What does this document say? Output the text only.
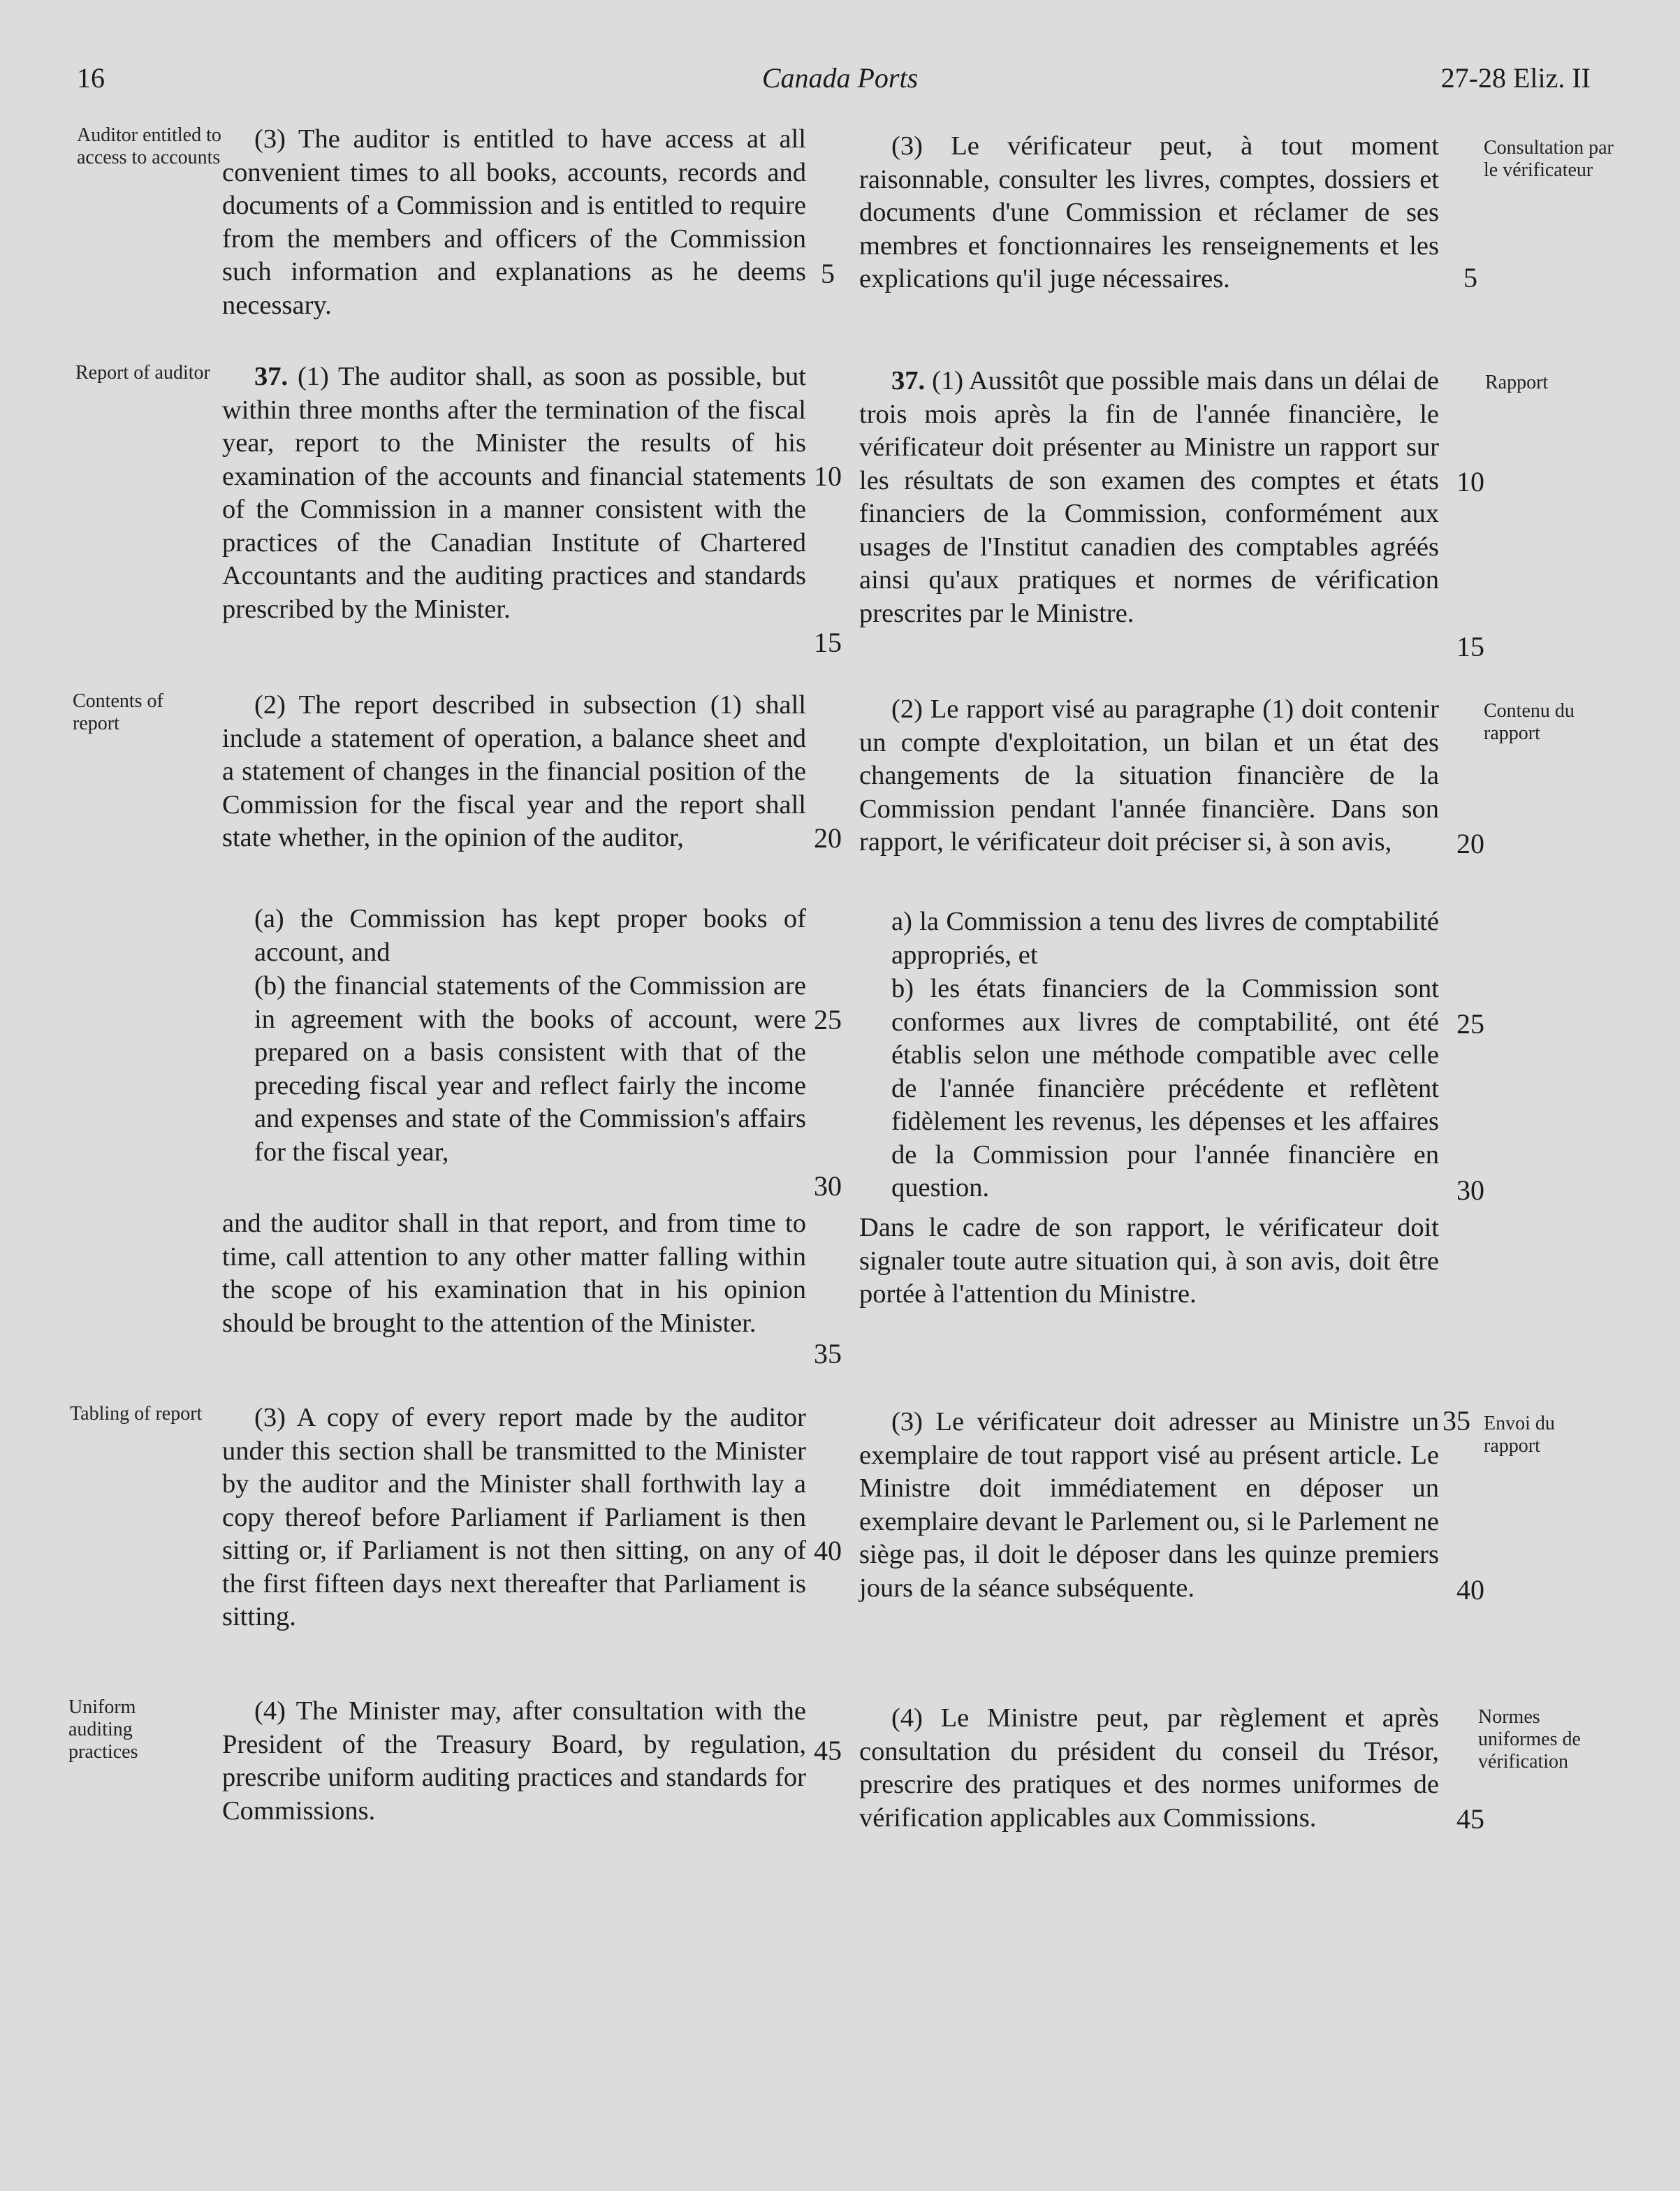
16	Canada Ports	27-28 Eliz. II
Auditor entitled to access to accounts
Report of auditor
Contents of report
Tabling of report
Uniform auditing practices
Consultation par le vérificateur
Rapport
Contenu du rapport
Envoi du rapport
Normes uniformes de vérification

(3) The auditor is entitled to have access at all convenient times to all books, accounts, records and documents of a Commission and is entitled to require from the members and officers of the Commission such information and explanations as he deems necessary.

37. (1) The auditor shall, as soon as possible, but within three months after the termination of the fiscal year, report to the Minister the results of his examination of the accounts and financial statements of the Commission in a manner consistent with the practices of the Canadian Institute of Chartered Accountants and the auditing practices and standards prescribed by the Minister.

(2) The report described in subsection (1) shall include a statement of operation, a balance sheet and a statement of changes in the financial position of the Commission for the fiscal year and the report shall state whether, in the opinion of the auditor,

(a) the Commission has kept proper books of account, and

(b) the financial statements of the Commission are in agreement with the books of account, were prepared on a basis consistent with that of the preceding fiscal year and reflect fairly the income and expenses and state of the Commission's affairs for the fiscal year,

and the auditor shall in that report, and from time to time, call attention to any other matter falling within the scope of his examination that in his opinion should be brought to the attention of the Minister.

(3) A copy of every report made by the auditor under this section shall be transmitted to the Minister by the auditor and the Minister shall forthwith lay a copy thereof before Parliament if Parliament is then sitting or, if Parliament is not then sitting, on any of the first fifteen days next thereafter that Parliament is sitting.

(4) The Minister may, after consultation with the President of the Treasury Board, by regulation, prescribe uniform auditing practices and standards for Commissions.

(3) Le vérificateur peut, à tout moment raisonnable, consulter les livres, comptes, dossiers et documents d'une Commission et réclamer de ses membres et fonctionnaires les renseignements et les explications qu'il juge nécessaires.

37. (1) Aussitôt que possible mais dans un délai de trois mois après la fin de l'année financière, le vérificateur doit présenter au Ministre un rapport sur les résultats de son examen des comptes et états financiers de la Commission, conformément aux usages de l'Institut canadien des comptables agréés ainsi qu'aux pratiques et normes de vérification prescrites par le Ministre.

(2) Le rapport visé au paragraphe (1) doit contenir un compte d'exploitation, un bilan et un état des changements de la situation financière de la Commission pendant l'année financière. Dans son rapport, le vérificateur doit préciser si, à son avis,

a) la Commission a tenu des livres de comptabilité appropriés, et

b) les états financiers de la Commission sont conformes aux livres de comptabilité, ont été établis selon une méthode compatible avec celle de l'année financière précédente et reflètent fidèlement les revenus, les dépenses et les affaires de la Commission pour l'année financière en question.

Dans le cadre de son rapport, le vérificateur doit signaler toute autre situation qui, à son avis, doit être portée à l'attention du Ministre.

(3) Le vérificateur doit adresser au Ministre un exemplaire de tout rapport visé au présent article. Le Ministre doit immédiatement en déposer un exemplaire devant le Parlement ou, si le Parlement ne siège pas, il doit le déposer dans les quinze premiers jours de la séance subséquente.

(4) Le Ministre peut, par règlement et après consultation du président du conseil du Trésor, prescrire des pratiques et des normes uniformes de vérification applicables aux Commissions.

5
10
15
20
25
30
35
40
45
5
10
15
20
25
30
35
40
45
